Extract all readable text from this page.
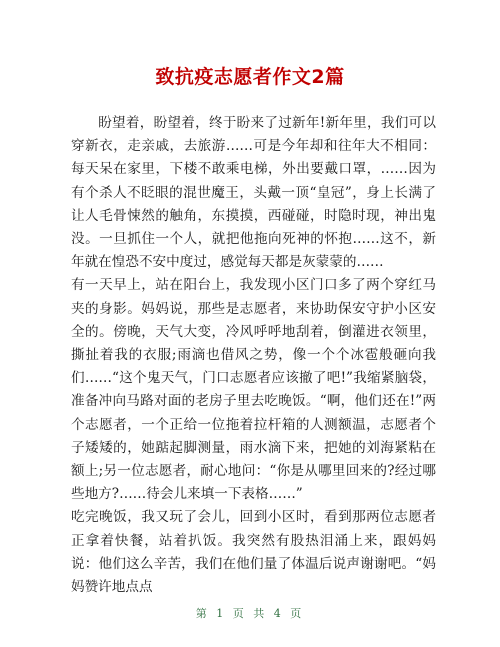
致抗疫志愿者作文2篇

盼望着，盼望着，终于盼来了过新年!新年里，我们可以穿新衣，走亲戚，去旅游……可是今年却和往年大不相同：每天呆在家里，下楼不敢乘电梯，外出要戴口罩，……因为有个杀人不眨眼的混世魔王，头戴一顶“皇冠”，身上长满了让人毛骨悚然的触角，东摸摸，西碰碰，时隐时现，神出鬼没。一旦抓住一个人，就把他拖向死神的怀抱……这不，新年就在惶恐不安中度过，感觉每天都是灰蒙蒙的……

有一天早上，站在阳台上，我发现小区门口多了两个穿红马夹的身影。妈妈说，那些是志愿者，来协助保安守护小区安全的。傍晚，天气大变，冷风呼呼地刮着，倒灌进衣领里，撕扯着我的衣服;雨滴也借风之势，像一个个冰雹般砸向我们……“这个鬼天气，门口志愿者应该撤了吧!”我缩紧脑袋，准备冲向马路对面的老房子里去吃晚饭。“啊，他们还在!”两个志愿者，一个正给一位拖着拉杆箱的人测额温，志愿者个子矮矮的，她踮起脚测量，雨水滴下来，把她的刘海紧粘在额上;另一位志愿者，耐心地问：“你是从哪里回来的?经过哪些地方?……待会儿来填一下表格……”

吃完晚饭，我又玩了会儿，回到小区时，看到那两位志愿者正拿着快餐，站着扒饭。我突然有股热泪涌上来，跟妈妈说：他们这么辛苦，我们在他们量了体温后说声谢谢吧。“妈妈赞许地点点

第 1 页 共 4 页
